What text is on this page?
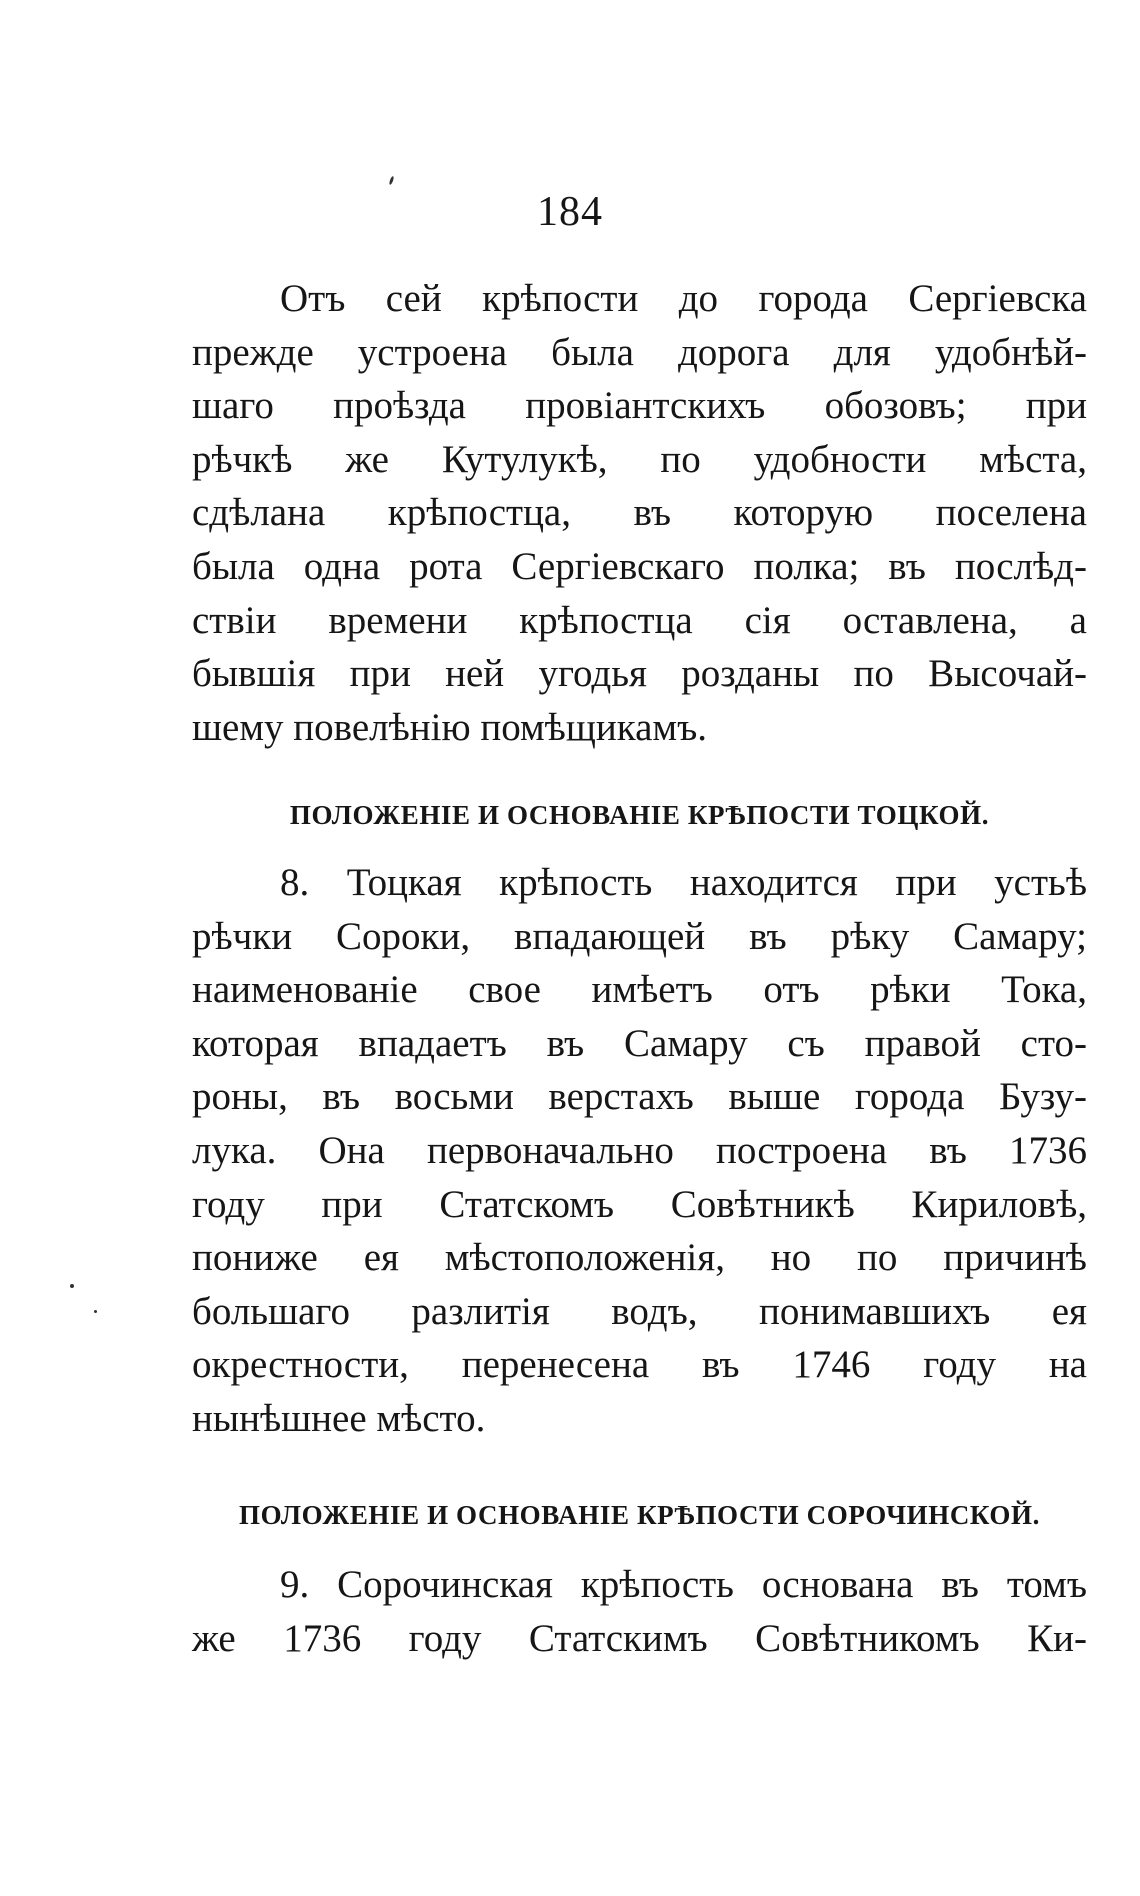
184
Отъ сей крѣпости до города Сергіевска
прежде устроена была дорога для удобнѣй-
шаго проѣзда провіантскихъ обозовъ; при
рѣчкѣ же Кутулукѣ, по удобности мѣста,
сдѣлана крѣпостца, въ которую поселена
была одна рота Сергіевскаго полка; въ послѣд-
ствіи времени крѣпостца сія оставлена, а
бывшія при ней угодья розданы по Высочай-
шему повелѣнію помѣщикамъ.
ПОЛОЖЕНІЕ И ОСНОВАНІЕ КРѢПОСТИ ТОЦКОЙ.
8. Тоцкая крѣпость находится при устьѣ
рѣчки Сороки, впадающей въ рѣку Самару;
наименованіе свое имѣетъ отъ рѣки Тока,
которая впадаетъ въ Самару съ правой сто-
роны, въ восьми верстахъ выше города Бузу-
лука. Она первоначально построена въ 1736
году при Статскомъ Совѣтникѣ Кириловѣ,
пониже ея мѣстоположенія, но по причинѣ
большаго разлитія водъ, понимавшихъ ея
окрестности, перенесена въ 1746 году на
нынѣшнее мѣсто.
ПОЛОЖЕНІЕ И ОСНОВАНІЕ КРѢПОСТИ СОРОЧИНСКОЙ.
9. Сорочинская крѣпость основана въ томъ
же 1736 году Статскимъ Совѣтникомъ Ки-
